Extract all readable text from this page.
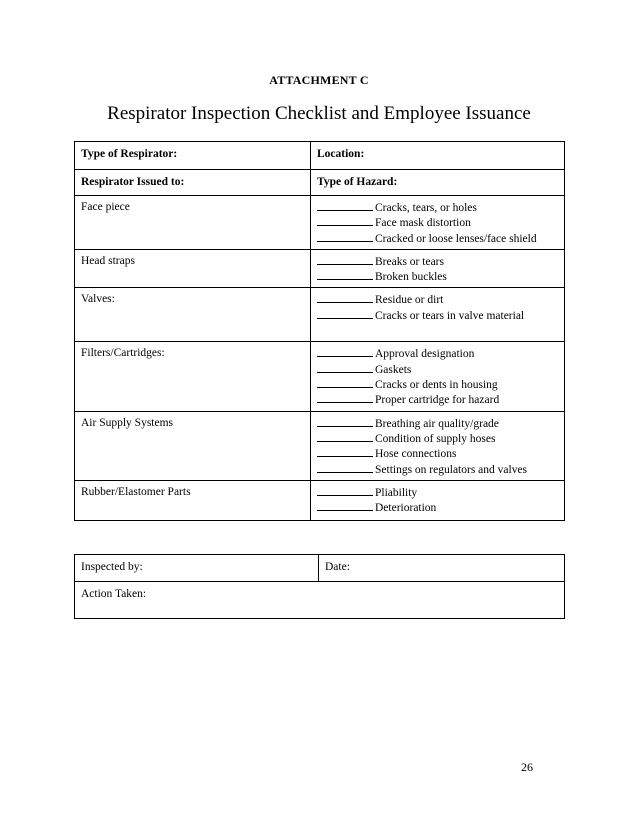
ATTACHMENT C
Respirator Inspection Checklist and Employee Issuance
Type of Respirator:	Location:
Respirator Issued to:	Type of Hazard:
Face piece	Cracks, tears, or holes
Face mask distortion
Cracked or loose lenses/face shield

Head straps	Breaks or tears
Broken buckles

Valves:	Residue or dirt
Cracks or tears in valve material

Filters/Cartridges:	Approval designation
Gaskets
Cracks or dents in housing
Proper cartridge for hazard

Air Supply Systems	Breathing air quality/grade
Condition of supply hoses
Hose connections
Settings on regulators and valves

Rubber/Elastomer Parts	Pliability
Deterioration
Inspected by:	Date:
Action Taken:
26
